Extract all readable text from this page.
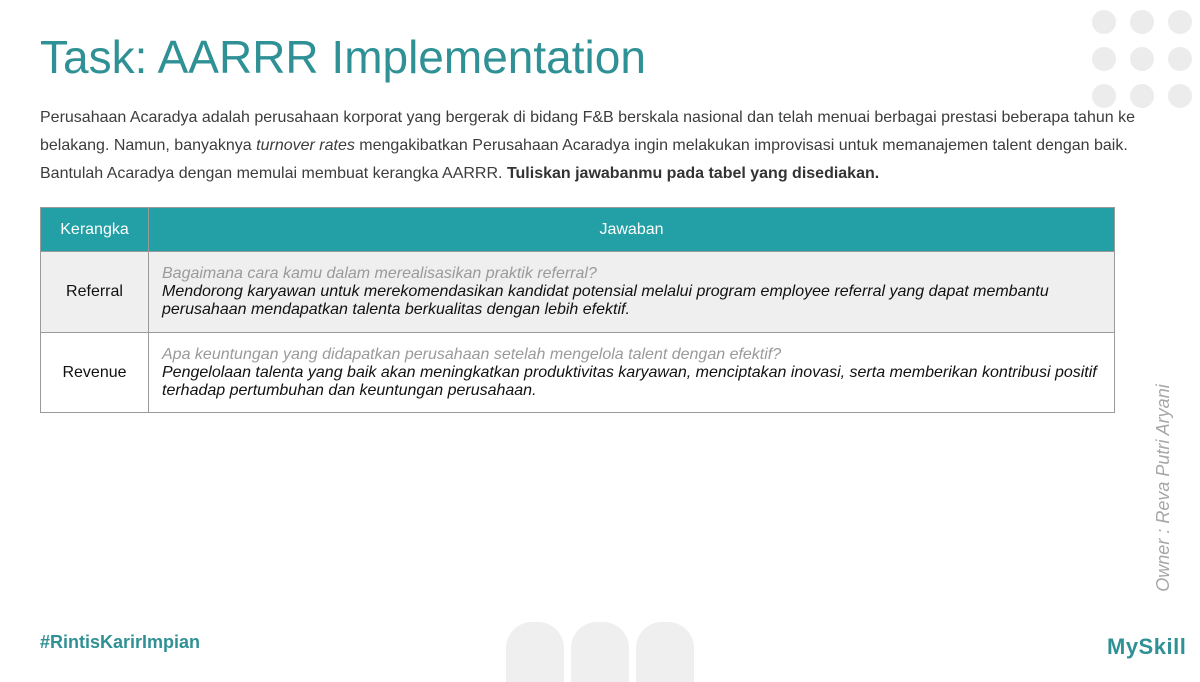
Task: AARRR Implementation
Perusahaan Acaradya adalah perusahaan korporat yang bergerak di bidang F&B berskala nasional dan telah menuai berbagai prestasi beberapa tahun ke belakang. Namun, banyaknya turnover rates mengakibatkan Perusahaan Acaradya ingin melakukan improvisasi untuk memanajemen talent dengan baik. Bantulah Acaradya dengan memulai membuat kerangka AARRR. Tuliskan jawabanmu pada tabel yang disediakan.
Kerangka	Jawaban
Referral	Bagaimana cara kamu dalam merealisasikan praktik referral?
Mendorong karyawan untuk merekomendasikan kandidat potensial melalui program employee referral yang dapat membantu perusahaan mendapatkan talenta berkualitas dengan lebih efektif.

Revenue	Apa keuntungan yang didapatkan perusahaan setelah mengelola talent dengan efektif?
Pengelolaan talenta yang baik akan meningkatkan produktivitas karyawan, menciptakan inovasi, serta memberikan kontribusi positif terhadap pertumbuhan dan keuntungan perusahaan.	Owner : Reva Putri Aryani
#RintisKarirImpian	MySkill
